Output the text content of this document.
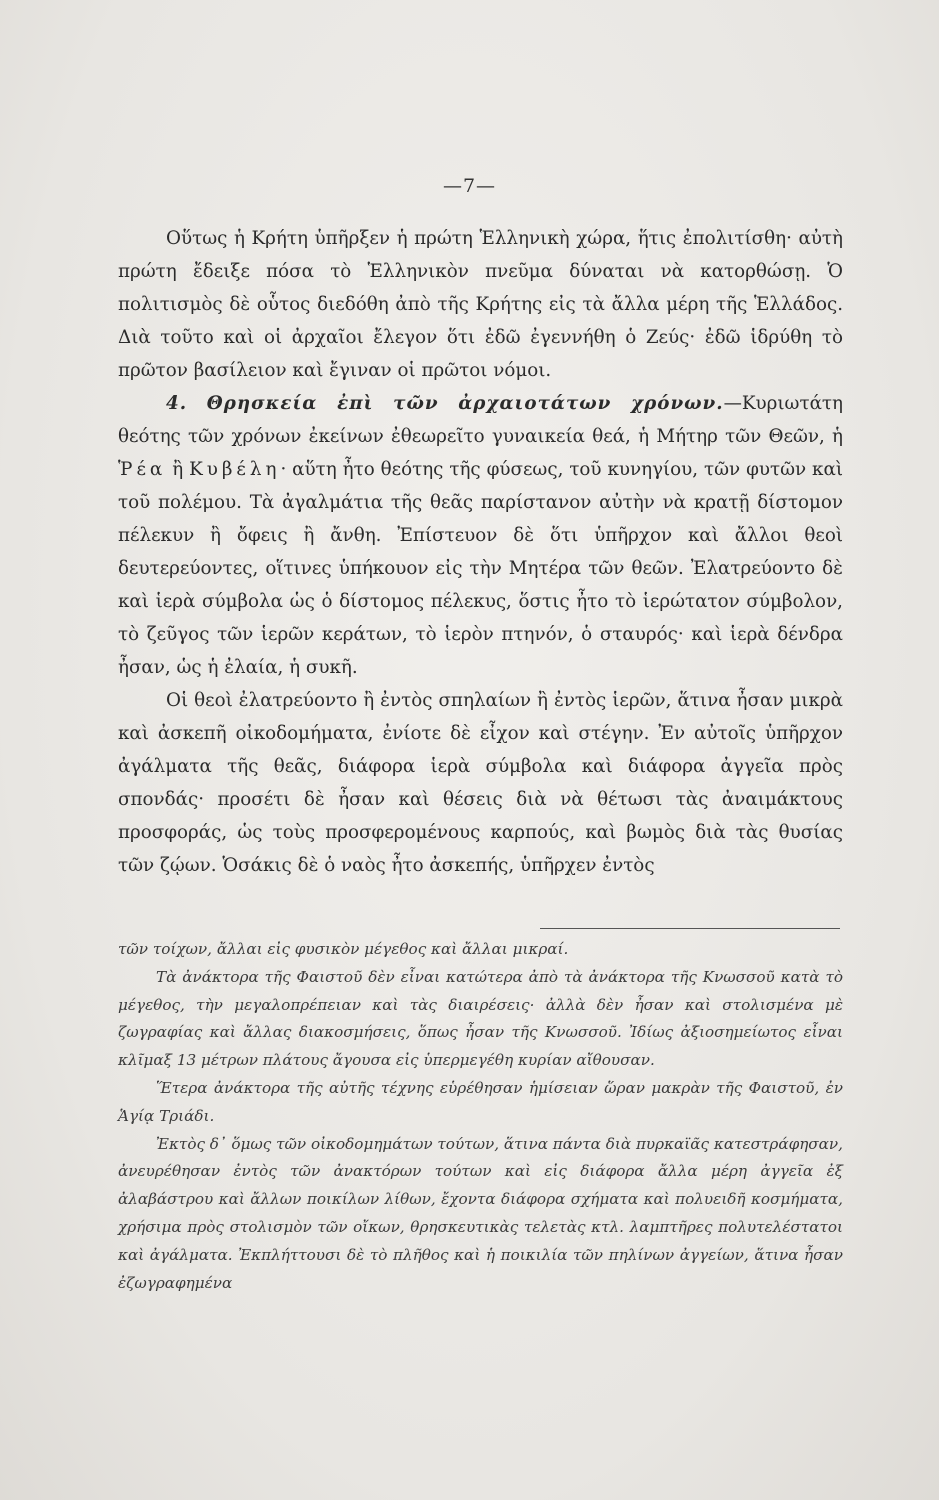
—7—

Οὕτως ἡ Κρήτη ὑπῆρξεν ἡ πρώτη Ἑλληνικὴ χώρα, ἥτις ἐπολιτίσθη· αὐτὴ πρώτη ἔδειξε πόσα τὸ Ἑλληνικὸν πνεῦμα δύναται νὰ κατορθώσῃ. Ὁ πολιτισμὸς δὲ οὗτος διεδόθη ἀπὸ τῆς Κρήτης εἰς τὰ ἄλλα μέρη τῆς Ἑλλάδος. Διὰ τοῦτο καὶ οἱ ἀρχαῖοι ἔλεγον ὅτι ἐδῶ ἐγεννήθη ὁ Ζεύς· ἐδῶ ἱδρύθη τὸ πρῶτον βασίλειον καὶ ἔγιναν οἱ πρῶτοι νόμοι.

4. Θρησκεία ἐπὶ τῶν ἀρχαιοτάτων χρόνων.—Κυριωτάτη θεότης τῶν χρόνων ἐκείνων ἐθεωρεῖτο γυναικεία θεά, ἡ Μήτηρ τῶν Θεῶν, ἡ Ῥέα ἢ Κυβέλη· αὕτη ἦτο θεότης τῆς φύσεως, τοῦ κυνηγίου, τῶν φυτῶν καὶ τοῦ πολέμου. Τὰ ἀγαλμάτια τῆς θεᾶς παρίστανον αὐτὴν νὰ κρατῇ δίστομον πέλεκυν ἢ ὄφεις ἢ ἄνθη. Ἐπίστευον δὲ ὅτι ὑπῆρχον καὶ ἄλλοι θεοὶ δευτερεύοντες, οἵτινες ὑπήκουον εἰς τὴν Μητέρα τῶν θεῶν. Ἐλατρεύοντο δὲ καὶ ἱερὰ σύμβολα ὡς ὁ δίστομος πέλεκυς, ὅστις ἦτο τὸ ἱερώτατον σύμβολον, τὸ ζεῦγος τῶν ἱερῶν κεράτων, τὸ ἱερὸν πτηνόν, ὁ σταυρός· καὶ ἱερὰ δένδρα ἦσαν, ὡς ἡ ἐλαία, ἡ συκῆ.

Οἱ θεοὶ ἐλατρεύοντο ἢ ἐντὸς σπηλαίων ἢ ἐντὸς ἱερῶν, ἅτινα ἦσαν μικρὰ καὶ ἀσκεπῆ οἰκοδομήματα, ἐνίοτε δὲ εἶχον καὶ στέγην. Ἐν αὐτοῖς ὑπῆρχον ἀγάλματα τῆς θεᾶς, διάφορα ἱερὰ σύμβολα καὶ διάφορα ἀγγεῖα πρὸς σπονδάς· προσέτι δὲ ἦσαν καὶ θέσεις διὰ νὰ θέτωσι τὰς ἀναιμάκτους προσφοράς, ὡς τοὺς προσφερομένους καρπούς, καὶ βωμὸς διὰ τὰς θυσίας τῶν ζῴων. Ὁσάκις δὲ ὁ ναὸς ἦτο ἀσκεπής, ὑπῆρχεν ἐντὸς

τῶν τοίχων, ἄλλαι εἰς φυσικὸν μέγεθος καὶ ἄλλαι μικραί.

Τὰ ἀνάκτορα τῆς Φαιστοῦ δὲν εἶναι κατώτερα ἀπὸ τὰ ἀνάκτορα τῆς Κνωσσοῦ κατὰ τὸ μέγεθος, τὴν μεγαλοπρέπειαν καὶ τὰς διαιρέσεις· ἀλλὰ δὲν ἦσαν καὶ στολισμένα μὲ ζωγραφίας καὶ ἄλλας διακοσμήσεις, ὅπως ἦσαν τῆς Κνωσσοῦ. Ἰδίως ἀξιοσημείωτος εἶναι κλῖμαξ 13 μέτρων πλάτους ἄγουσα εἰς ὑπερμεγέθη κυρίαν αἴθουσαν.

Ἕτερα ἀνάκτορα τῆς αὐτῆς τέχνης εὑρέθησαν ἡμίσειαν ὥραν μακρὰν τῆς Φαιστοῦ, ἐν Ἁγίᾳ Τριάδι.

Ἐκτὸς δ᾽ ὅμως τῶν οἰκοδομημάτων τούτων, ἅτινα πάντα διὰ πυρκαϊᾶς κατεστράφησαν, ἀνευρέθησαν ἐντὸς τῶν ἀνακτόρων τούτων καὶ εἰς διάφορα ἄλλα μέρη ἀγγεῖα ἐξ ἀλαβάστρου καὶ ἄλλων ποικίλων λίθων, ἔχοντα διάφορα σχήματα καὶ πολυειδῆ κοσμήματα, χρήσιμα πρὸς στολισμὸν τῶν οἴκων, θρησκευτικὰς τελετὰς κτλ. λαμπτῆρες πολυτελέστατοι καὶ ἀγάλματα. Ἐκπλήττουσι δὲ τὸ πλῆθος καὶ ἡ ποικιλία τῶν πηλίνων ἀγγείων, ἅτινα ἦσαν ἐζωγραφημένα
